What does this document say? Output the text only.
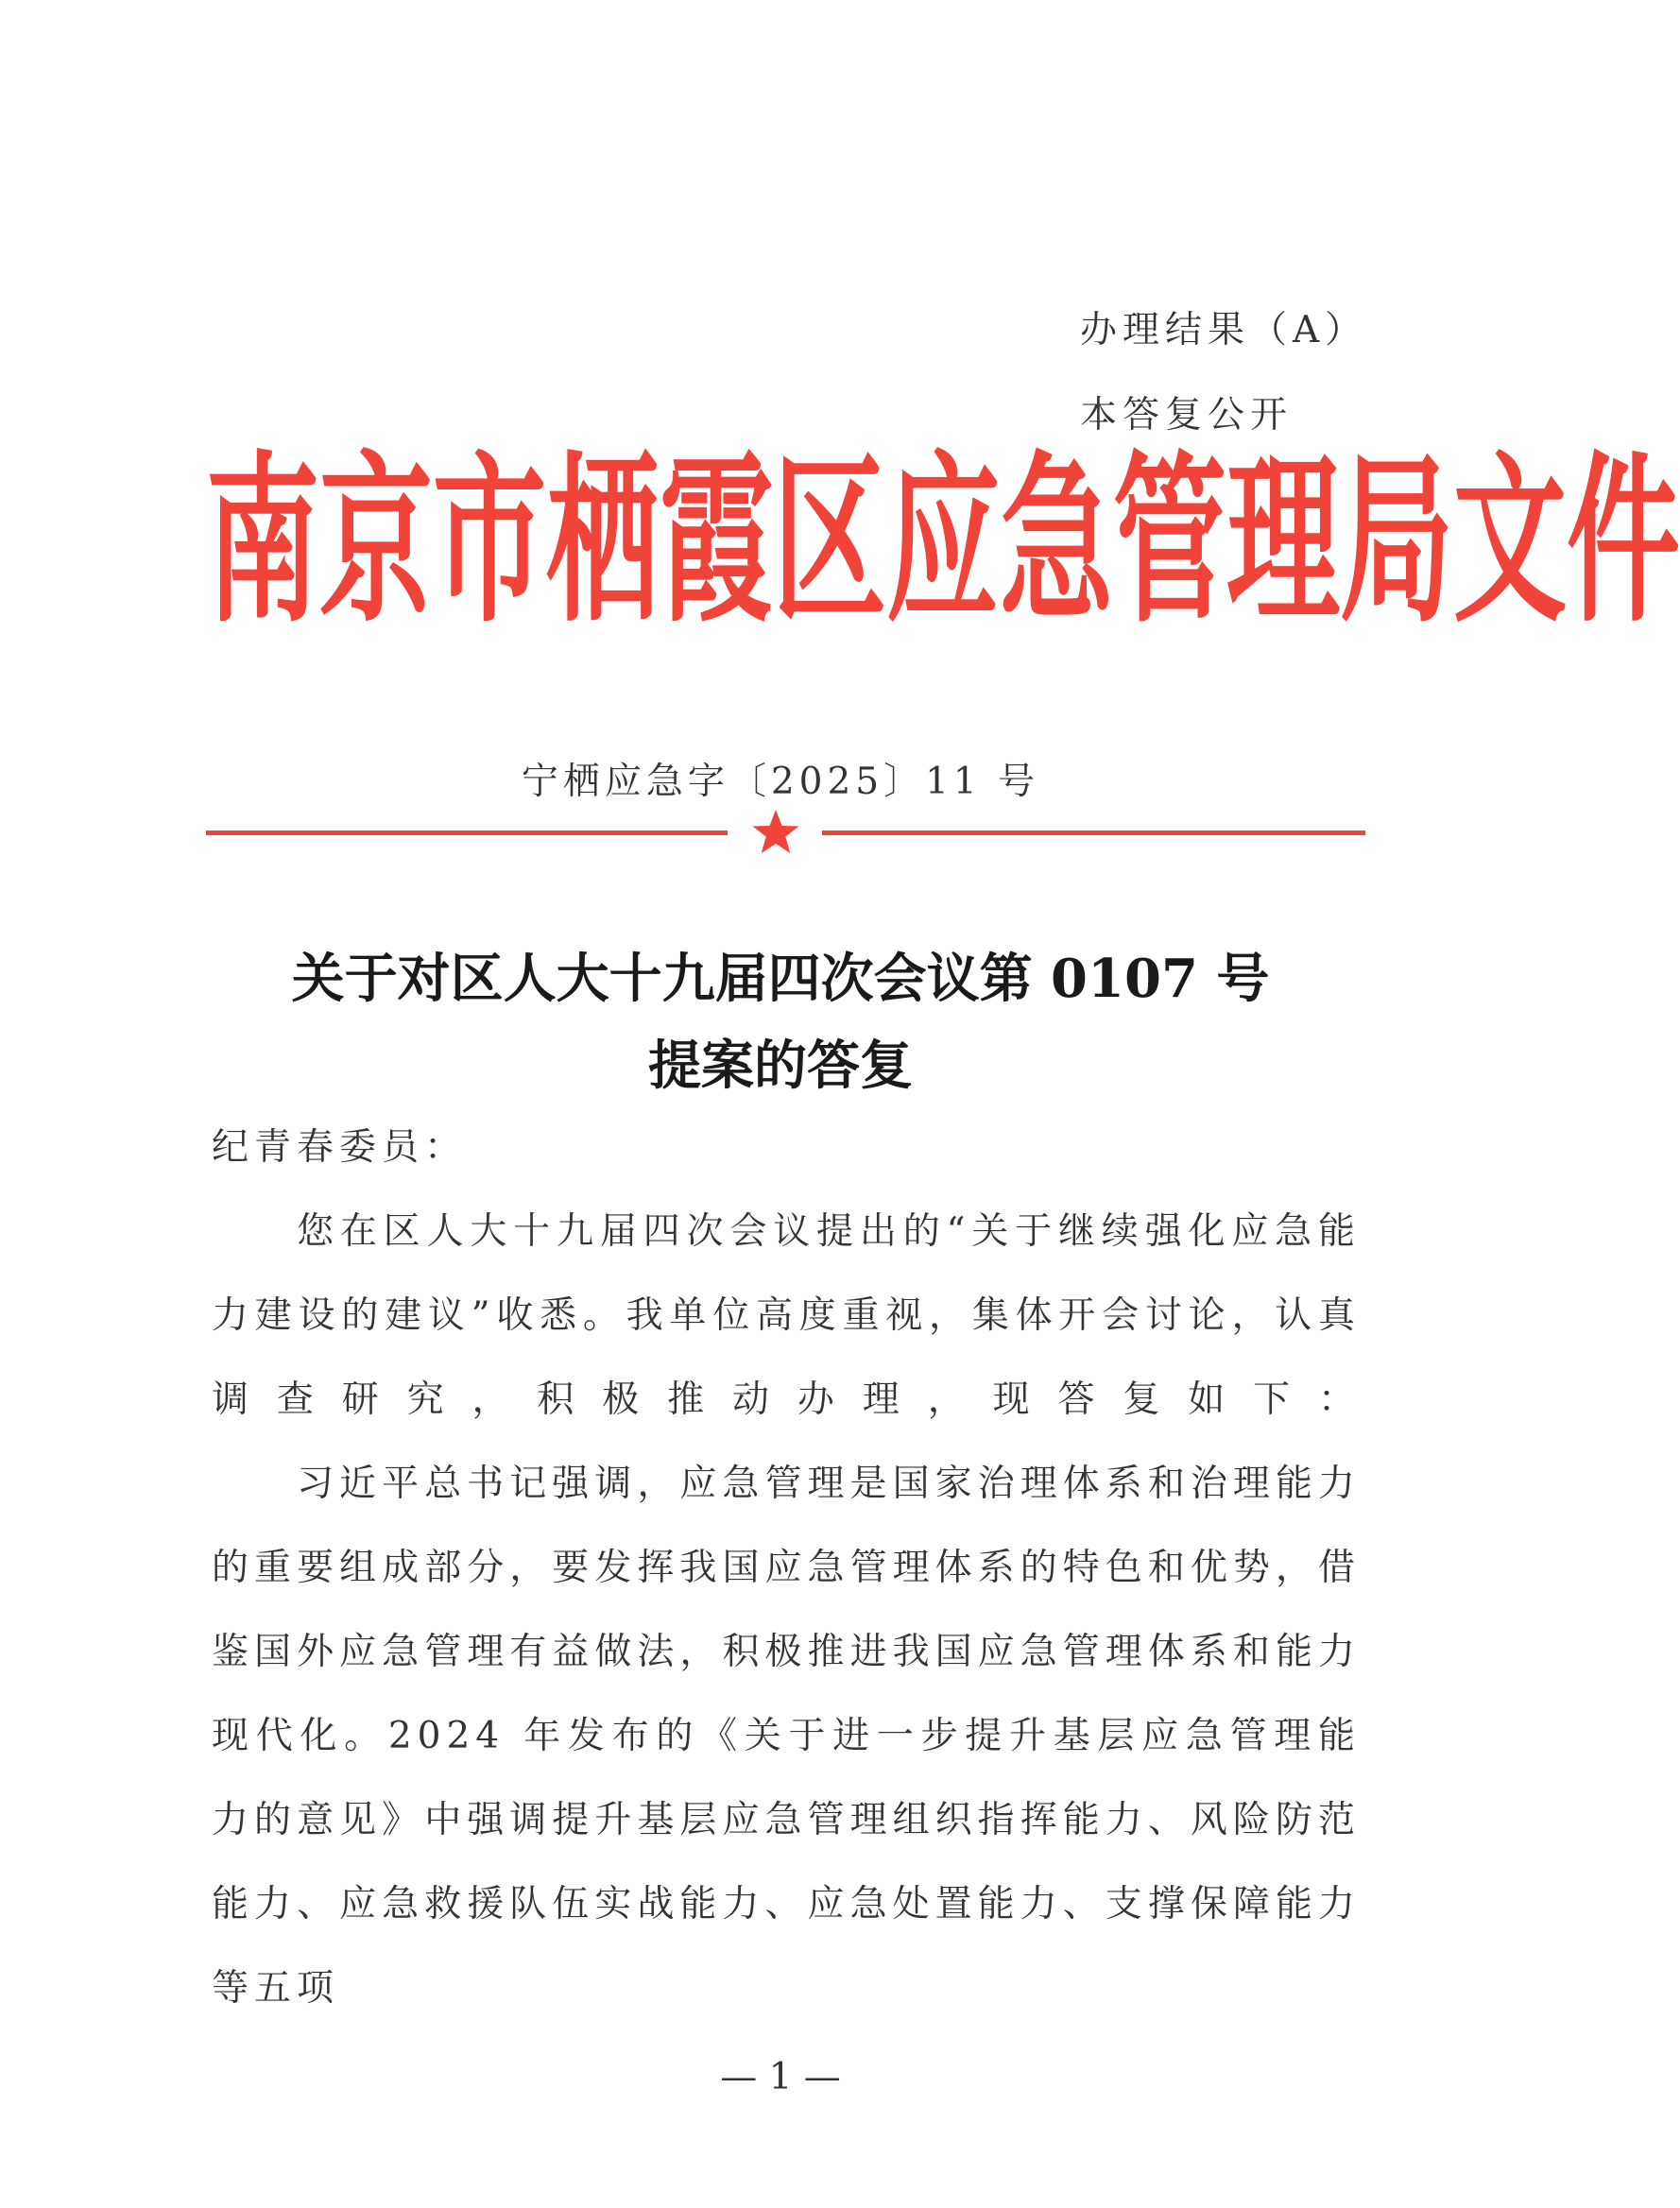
办理结果（A）
本答复公开
南 京 市 栖 霞 区 应 急 管 理 局 文 件
宁栖应急字〔2025〕11 号
关于对区人大十九届四次会议第 0107 号
提案的答复

纪青春委员：

您在区人大十九届四次会议提出的“关于继续强化应急能力建设的建议”收悉。我单位高度重视，集体开会讨论，认真调查研究，积极推动办理，现答复如下：

习近平总书记强调，应急管理是国家治理体系和治理能力的重要组成部分，要发挥我国应急管理体系的特色和优势，借鉴国外应急管理有益做法，积极推进我国应急管理体系和能力现代化。2024 年发布的《关于进一步提升基层应急管理能力的意见》中强调提升基层应急管理组织指挥能力、风险防范能力、应急救援队伍实战能力、应急处置能力、支撑保障能力等五项

— 1 —
